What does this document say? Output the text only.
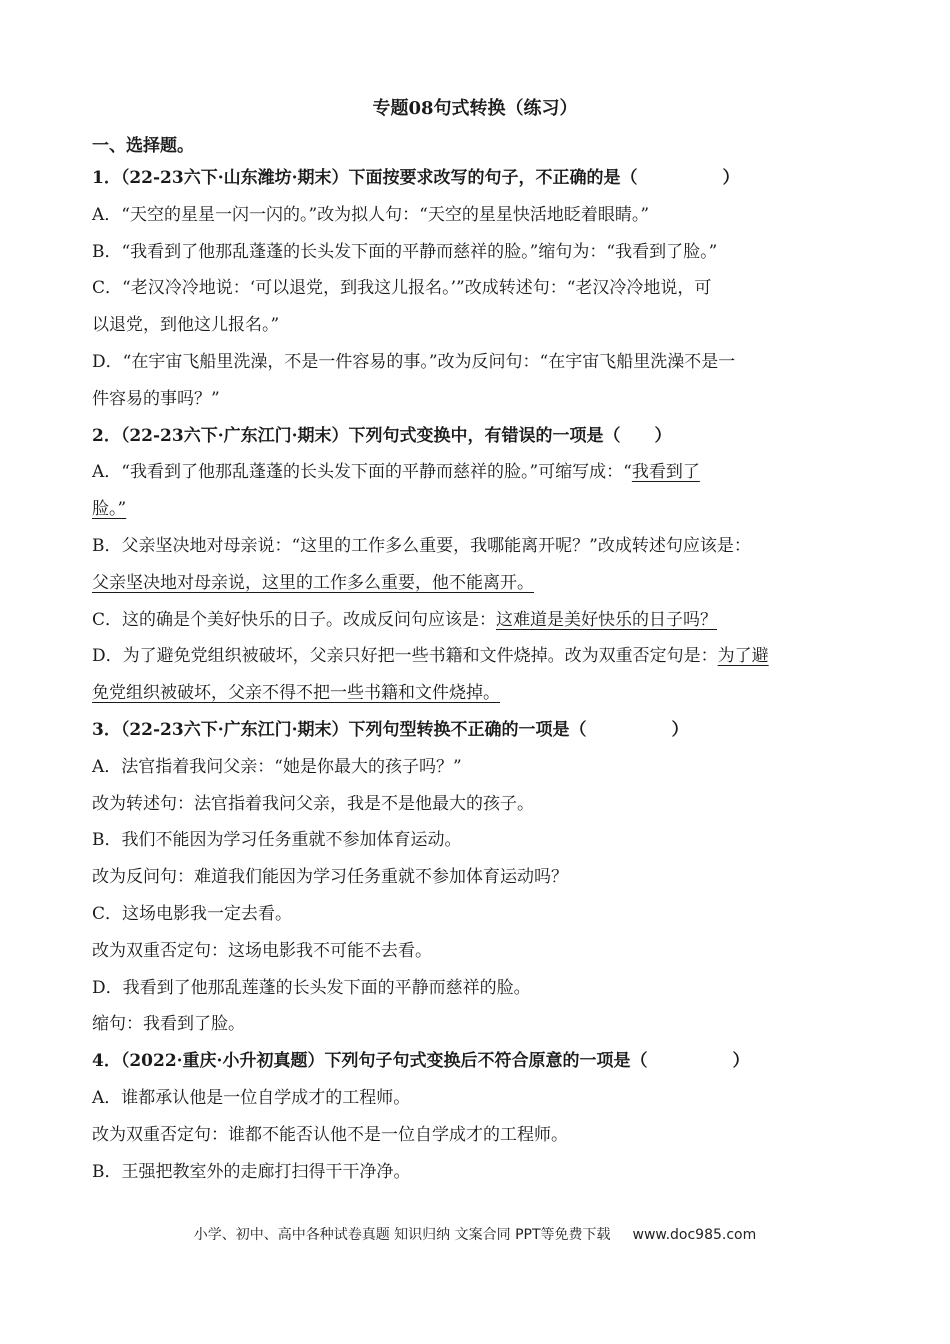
专题08句式转换（练习）
一、选择题。
1．（22-23六下·山东潍坊·期末）下面按要求改写的句子，不正确的是（　　　　　）
A．“天空的星星一闪一闪的。”改为拟人句：“天空的星星快活地眨着眼睛。”
B．“我看到了他那乱蓬蓬的长头发下面的平静而慈祥的脸。”缩句为：“我看到了脸。”
C．“老汉冷冷地说：‘可以退党，到我这儿报名。’”改成转述句：“老汉冷冷地说，可
以退党，到他这儿报名。”
D．“在宇宙飞船里洗澡，不是一件容易的事。”改为反问句：“在宇宙飞船里洗澡不是一
件容易的事吗？”
2．（22-23六下·广东江门·期末）下列句式变换中，有错误的一项是（　　）
A．“我看到了他那乱蓬蓬的长头发下面的平静而慈祥的脸。”可缩写成：“我看到了
脸。”
B．父亲坚决地对母亲说：“这里的工作多么重要，我哪能离开呢？”改成转述句应该是：
父亲坚决地对母亲说，这里的工作多么重要，他不能离开。
C．这的确是个美好快乐的日子。改成反问句应该是：这难道是美好快乐的日子吗？
D．为了避免党组织被破坏，父亲只好把一些书籍和文件烧掉。改为双重否定句是：为了避
免党组织被破坏，父亲不得不把一些书籍和文件烧掉。
3．（22-23六下·广东江门·期末）下列句型转换不正确的一项是（　　　　　）
A．法官指着我问父亲：“她是你最大的孩子吗？”
改为转述句：法官指着我问父亲，我是不是他最大的孩子。
B．我们不能因为学习任务重就不参加体育运动。
改为反问句：难道我们能因为学习任务重就不参加体育运动吗？
C．这场电影我一定去看。
改为双重否定句：这场电影我不可能不去看。
D．我看到了他那乱莲蓬的长头发下面的平静而慈祥的脸。
缩句：我看到了脸。
4．（2022·重庆·小升初真题）下列句子句式变换后不符合原意的一项是（　　　　　）
A．谁都承认他是一位自学成才的工程师。
改为双重否定句：谁都不能否认他不是一位自学成才的工程师。
B．王强把教室外的走廊打扫得干干净净。
小学、初中、高中各种试卷真题 知识归纳 文案合同 PPT等免费下载 www.doc985.com
